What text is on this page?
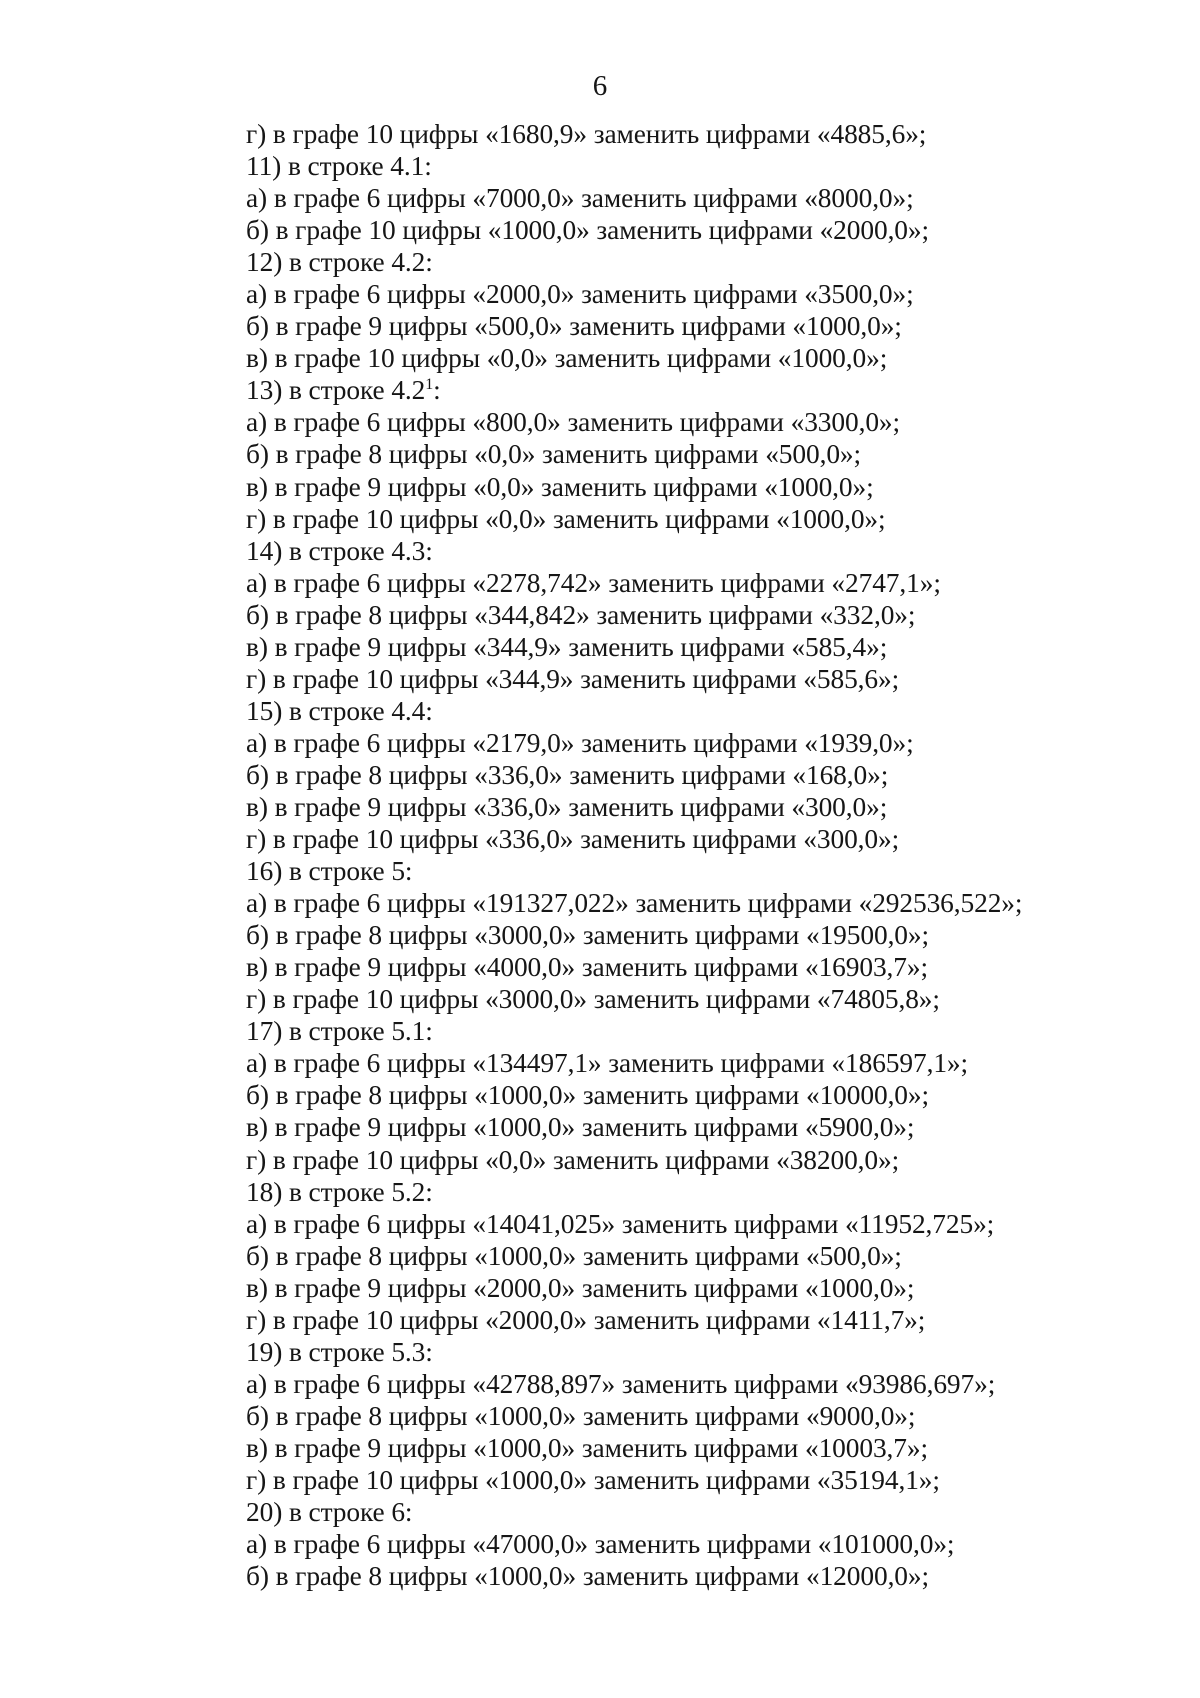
6
г) в графе 10 цифры «1680,9» заменить цифрами «4885,6»;
11) в строке 4.1:
а) в графе 6 цифры «7000,0» заменить цифрами «8000,0»;
б) в графе 10 цифры «1000,0» заменить цифрами «2000,0»;
12) в строке 4.2:
а) в графе 6 цифры «2000,0» заменить цифрами «3500,0»;
б) в графе 9 цифры «500,0» заменить цифрами «1000,0»;
в) в графе 10 цифры «0,0» заменить цифрами «1000,0»;
13) в строке $4.2^1$:
а) в графе 6 цифры «800,0» заменить цифрами «3300,0»;
б) в графе 8 цифры «0,0» заменить цифрами «500,0»;
в) в графе 9 цифры «0,0» заменить цифрами «1000,0»;
г) в графе 10 цифры «0,0» заменить цифрами «1000,0»;
14) в строке 4.3:
а) в графе 6 цифры «2278,742» заменить цифрами «2747,1»;
б) в графе 8 цифры «344,842» заменить цифрами «332,0»;
в) в графе 9 цифры «344,9» заменить цифрами «585,4»;
г) в графе 10 цифры «344,9» заменить цифрами «585,6»;
15) в строке 4.4:
а) в графе 6 цифры «2179,0» заменить цифрами «1939,0»;
б) в графе 8 цифры «336,0» заменить цифрами «168,0»;
в) в графе 9 цифры «336,0» заменить цифрами «300,0»;
г) в графе 10 цифры «336,0» заменить цифрами «300,0»;
16) в строке 5:
а) в графе 6 цифры «191327,022» заменить цифрами «292536,522»;
б) в графе 8 цифры «3000,0» заменить цифрами «19500,0»;
в) в графе 9 цифры «4000,0» заменить цифрами «16903,7»;
г) в графе 10 цифры «3000,0» заменить цифрами «74805,8»;
17) в строке 5.1:
а) в графе 6 цифры «134497,1» заменить цифрами «186597,1»;
б) в графе 8 цифры «1000,0» заменить цифрами «10000,0»;
в) в графе 9 цифры «1000,0» заменить цифрами «5900,0»;
г) в графе 10 цифры «0,0» заменить цифрами «38200,0»;
18) в строке 5.2:
а) в графе 6 цифры «14041,025» заменить цифрами «11952,725»;
б) в графе 8 цифры «1000,0» заменить цифрами «500,0»;
в) в графе 9 цифры «2000,0» заменить цифрами «1000,0»;
г) в графе 10 цифры «2000,0» заменить цифрами «1411,7»;
19) в строке 5.3:
а) в графе 6 цифры «42788,897» заменить цифрами «93986,697»;
б) в графе 8 цифры «1000,0» заменить цифрами «9000,0»;
в) в графе 9 цифры «1000,0» заменить цифрами «10003,7»;
г) в графе 10 цифры «1000,0» заменить цифрами «35194,1»;
20) в строке 6:
а) в графе 6 цифры «47000,0» заменить цифрами «101000,0»;
б) в графе 8 цифры «1000,0» заменить цифрами «12000,0»;
